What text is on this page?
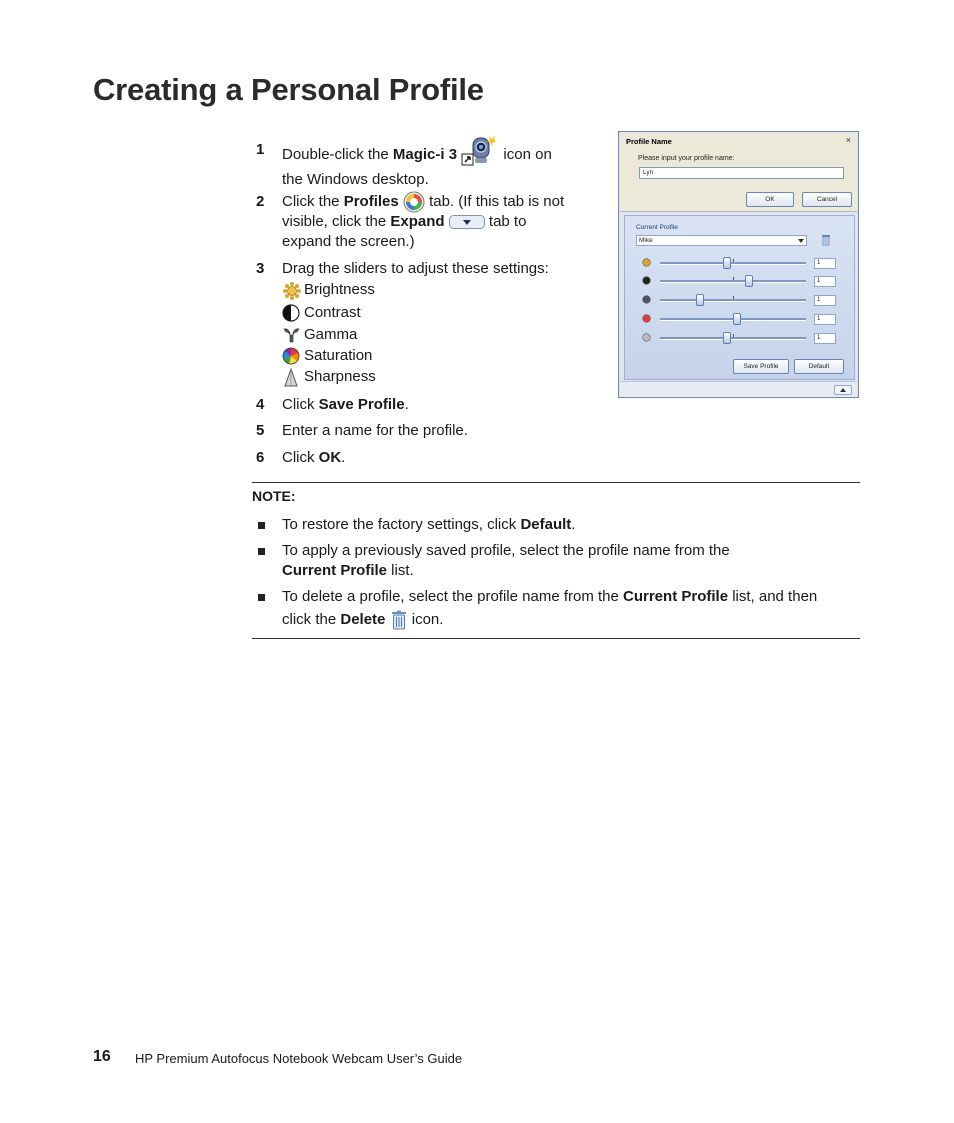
Creating a Personal Profile
1	Double-click the Magic-i 3	icon on
the Windows desktop.
2	Click the Profiles  tab. (If this tab is not
visible, click the Expand	tab to
expand the screen.)
3	Drag the sliders to adjust these settings:
Brightness
Contrast
Gamma
Saturation
Sharpness
4	Click Save Profile.
5	Enter a name for the profile.
6	Click OK.
Profile Name	×
Please input your profile name:
Lyn
OK	Cancel
Current Profile
Mike
1
1
1
1
1
Save Profile	Default
NOTE:
To restore the factory settings, click Default.
To apply a previously saved profile, select the profile name from the
Current Profile list.
To delete a profile, select the profile name from the Current Profile list, and then
click the Delete  icon.
16 HP Premium Autofocus Notebook Webcam User’s Guide
